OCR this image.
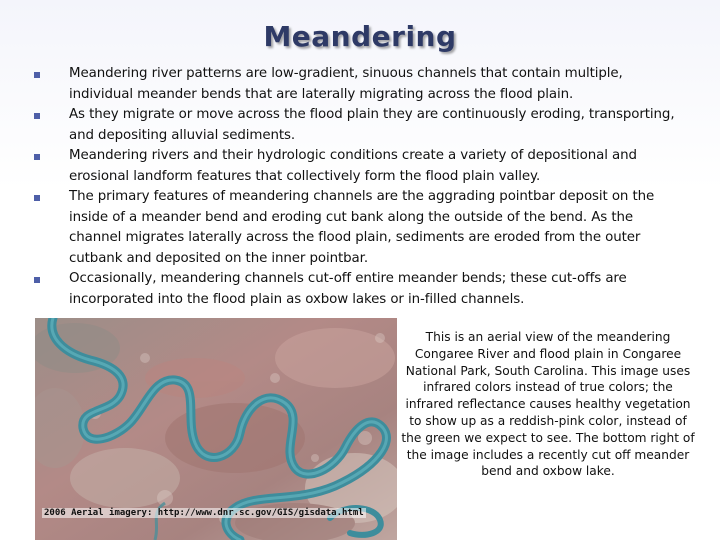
Meandering
Meandering river patterns are low-gradient, sinuous channels that contain multiple, individual meander bends that are laterally migrating across the flood plain.
As they migrate or move across the flood plain they are continuously eroding, transporting, and depositing alluvial sediments.
Meandering rivers and their hydrologic conditions create a variety of depositional and erosional landform features that collectively form the flood plain valley.
The primary features of meandering channels are the aggrading pointbar deposit on the inside of a meander bend and eroding cut bank along the outside of the bend. As the channel migrates laterally across the flood plain, sediments are eroded from the outer cutbank and deposited on the inner pointbar.
Occasionally, meandering channels cut-off entire meander bends; these cut-offs are incorporated into the flood plain as oxbow lakes or in-filled channels.
2006 Aerial imagery: http://www.dnr.sc.gov/GIS/gisdata.html
This is an aerial view of the meandering Congaree River and flood plain in Congaree National Park, South Carolina. This image uses infrared colors instead of true colors; the infrared reflectance causes healthy vegetation to show up as a reddish-pink color, instead of the green we expect to see. The bottom right of the image includes a recently cut off meander bend and oxbow lake.
